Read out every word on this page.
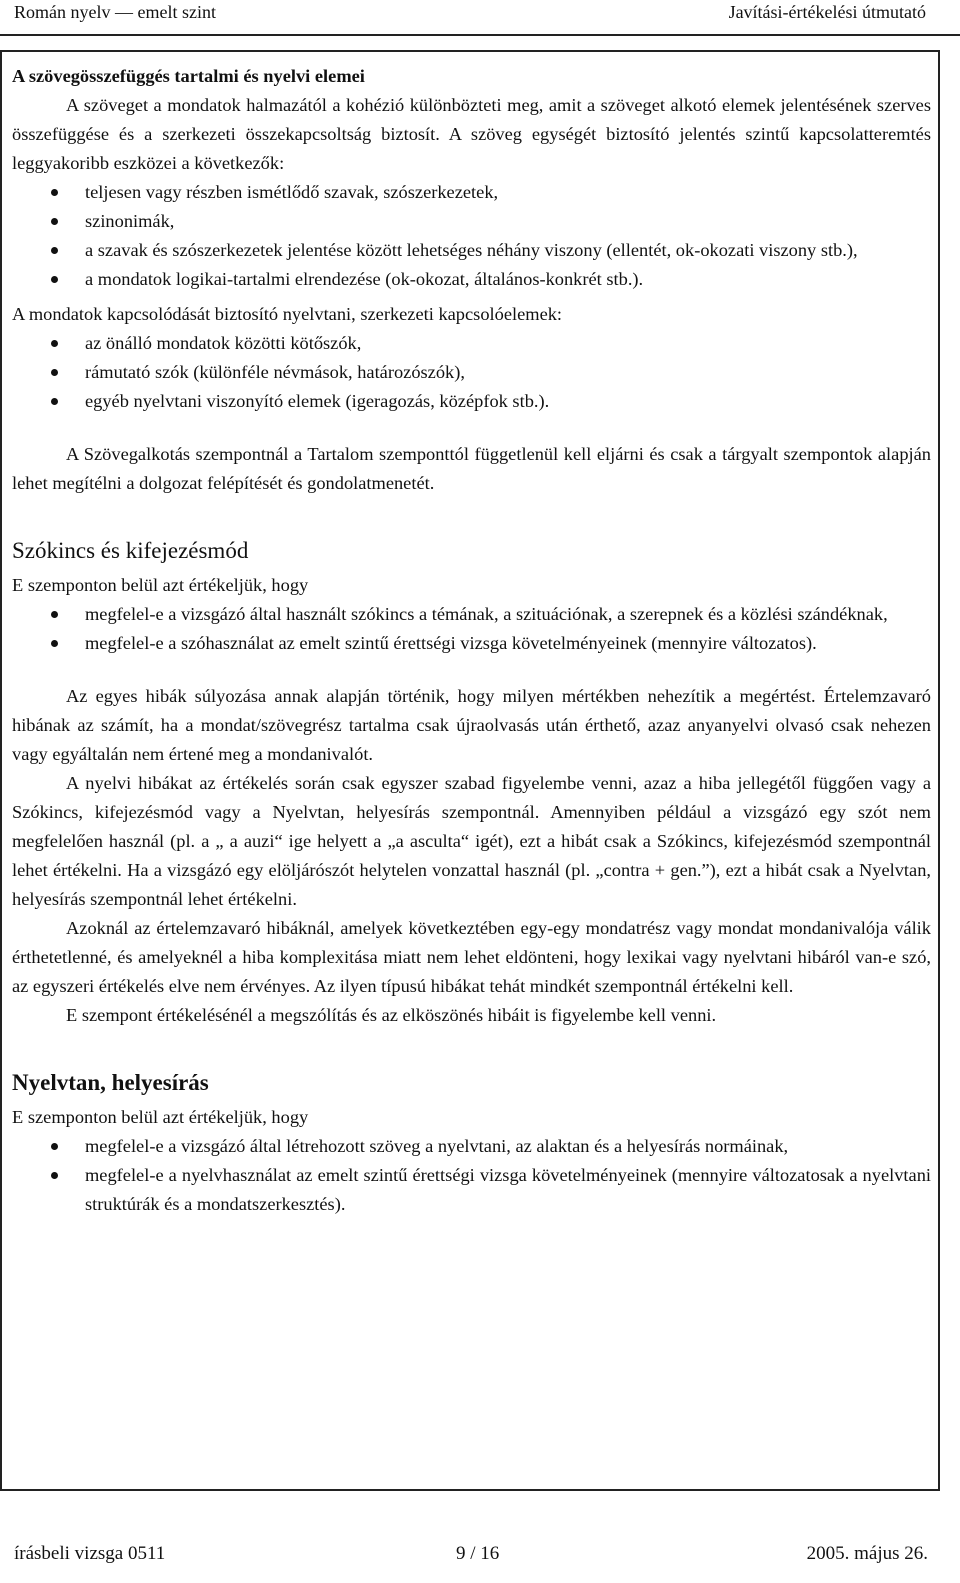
Román nyelv — emelt szint	Javítási-értékelési útmutató

A szövegösszefüggés tartalmi és nyelvi elemei

A szöveget a mondatok halmazától a kohézió különbözteti meg, amit a szöveget alkotó elemek jelentésének szerves összefüggése és a szerkezeti összekapcsoltság biztosít. A szöveg egységét biztosító jelentés szintű kapcsolatteremtés leggyakoribb eszközei a következők:

teljesen vagy részben ismétlődő szavak, szószerkezetek,
szinonimák,
a szavak és szószerkezetek jelentése között lehetséges néhány viszony (ellentét, ok-okozati viszony stb.),
a mondatok logikai-tartalmi elrendezése (ok-okozat, általános-konkrét stb.).

A mondatok kapcsolódását biztosító nyelvtani, szerkezeti kapcsolóelemek:

az önálló mondatok közötti kötőszók,
rámutató szók (különféle névmások, határozószók),
egyéb nyelvtani viszonyító elemek (igeragozás, középfok stb.).

A Szövegalkotás szempontnál a Tartalom szemponttól függetlenül kell eljárni és csak a tárgyalt szempontok alapján lehet megítélni a dolgozat felépítését és gondolatmenetét.

Szókincs és kifejezésmód

E szemponton belül azt értékeljük, hogy

megfelel-e a vizsgázó által használt szókincs a témának, a szituációnak, a szerepnek és a közlési szándéknak,
megfelel-e a szóhasználat az emelt szintű érettségi vizsga követelményeinek (mennyire változatos).

Az egyes hibák súlyozása annak alapján történik, hogy milyen mértékben nehezítik a megértést. Értelemzavaró hibának az számít, ha a mondat/szövegrész tartalma csak újraolvasás után érthető, azaz anyanyelvi olvasó csak nehezen vagy egyáltalán nem értené meg a mondanivalót.

A nyelvi hibákat az értékelés során csak egyszer szabad figyelembe venni, azaz a hiba jellegétől függően vagy a Szókincs, kifejezésmód vagy a Nyelvtan, helyesírás szempontnál. Amennyiben például a vizsgázó egy szót nem megfelelően használ (pl. a „ a auzi“ ige helyett a „a asculta“ igét), ezt a hibát csak a Szókincs, kifejezésmód szempontnál lehet értékelni. Ha a vizsgázó egy elöljárószót helytelen vonzattal használ (pl. „contra + gen.”), ezt a hibát csak a Nyelvtan, helyesírás szempontnál lehet értékelni.

Azoknál az értelemzavaró hibáknál, amelyek következtében egy-egy mondatrész vagy mondat mondanivalója válik érthetetlenné, és amelyeknél a hiba komplexitása miatt nem lehet eldönteni, hogy lexikai vagy nyelvtani hibáról van-e szó, az egyszeri értékelés elve nem érvényes. Az ilyen típusú hibákat tehát mindkét szempontnál értékelni kell.

E szempont értékelésénél a megszólítás és az elköszönés hibáit is figyelembe kell venni.

Nyelvtan, helyesírás

E szemponton belül azt értékeljük, hogy

megfelel-e a vizsgázó által létrehozott szöveg a nyelvtani, az alaktan és a helyesírás normáinak,
megfelel-e a nyelvhasználat az emelt szintű érettségi vizsga követelményeinek (mennyire változatosak a nyelvtani struktúrák és a mondatszerkesztés).
írásbeli vizsga 0511	9 / 16	2005. május 26.
